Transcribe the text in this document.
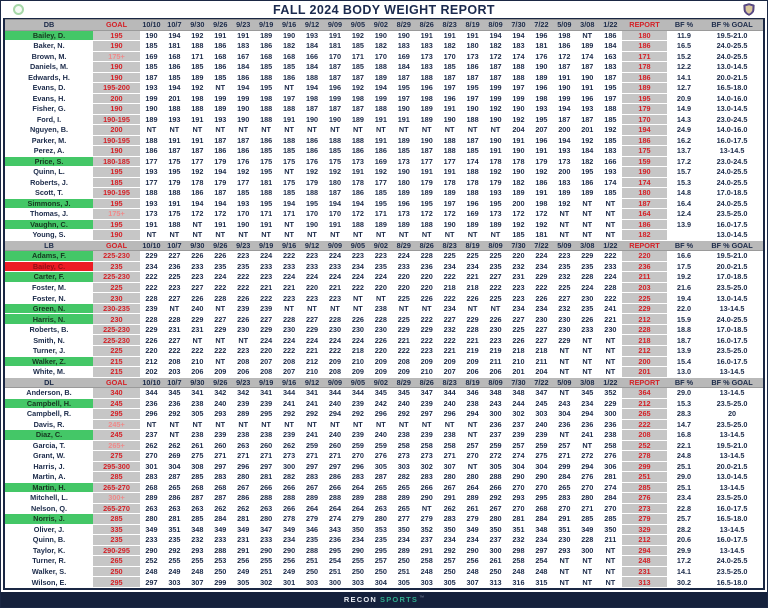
FALL 2024 BODY WEIGHT REPORT
DB	GOAL	10/10	10/7	9/30	9/26	9/23	9/19	9/16	9/12	9/09	9/05	9/02	8/29	8/26	8/23	8/19	8/09	7/30	7/22	5/09	3/08	1/22	REPORT	BF %	BF % GOAL
Bailey, D.	195	190	194	192	191	191	189	190	193	191	192	190	190	191	191	191	194	194	196	198	NT	186	180	11.9	19.5-21.0
Baker, N.	190	185	181	188	186	183	186	182	184	181	185	182	183	183	182	180	182	183	181	186	189	184	186	16.5	24.0-25.5
Brown, M.	175+	169	168	171	168	167	168	168	166	170	171	170	169	173	170	173	172	174	176	172	174	163	171	15.2	24.0-25.5
Daniels, M.	190	185	186	185	186	184	185	185	184	187	185	188	184	183	185	186	187	188	190	187	187	183	178	12.2	13.0-14.5
Edwards, H.	190	187	185	189	185	186	188	186	188	187	187	189	187	188	187	187	187	188	189	191	190	187	186	14.1	20.0-21.5
Evans, D.	195-200	193	194	192	NT	194	195	NT	194	196	192	194	195	196	197	195	199	197	196	190	191	195	189	12.7	16.5-18.0
Evans, H.	200	199	201	198	199	199	198	197	198	199	198	199	197	198	196	197	199	199	198	199	196	197	195	20.9	14.0-16.0
Fisher, G.	190	190	188	188	189	190	188	188	187	187	187	188	190	189	191	190	192	190	193	194	193	188	179	14.9	13.0-14.5
Ford, I.	190-195	189	193	191	193	190	188	191	190	190	189	191	191	189	190	188	190	192	195	187	187	185	170	14.3	23.0-24.5
Nguyen, B.	200	NT	NT	NT	NT	NT	NT	NT	NT	NT	NT	NT	NT	NT	NT	NT	NT	204	207	200	201	192	194	24.9	14.0-16.0
Parker, M.	190-195	188	191	191	187	187	186	188	186	188	188	191	189	190	188	187	190	191	196	194	192	185	186	16.2	16.0-17.5
Perez, A.	190	186	187	187	186	186	185	185	186	185	186	186	185	187	188	185	191	190	191	193	184	183	175	13.7	13-14.5
Price, S.	180-185	177	175	177	179	176	175	175	176	175	173	169	173	177	177	174	178	178	179	173	182	166	159	17.2	23.0-24.5
Quinn, L.	195	193	195	192	194	192	195	NT	192	192	191	192	190	191	191	188	192	190	192	200	195	193	190	15.7	24.0-25.5
Roberts, J.	185	177	179	178	179	177	181	175	179	180	178	177	180	179	178	178	179	182	186	183	186	174	174	15.3	24.0-25.5
Scott, T.	190-195	188	188	186	187	185	188	185	188	187	186	185	189	189	189	188	193	189	191	189	189	185	180	14.8	17.0-18.5
Simmons, J.	195	193	191	194	194	193	195	194	195	194	194	195	196	195	197	196	195	200	198	192	NT	NT	187	16.4	24.0-25.5
Thomas, J.	175+	173	175	172	172	170	171	171	170	170	172	171	173	172	172	169	173	172	172	NT	NT	NT	164	12.4	23.5-25.0
Vaughn, C.	195	191	188	NT	191	190	191	NT	190	191	188	189	189	188	190	189	189	192	192	NT	NT	NT	186	13.9	16.0-17.5
Young, S.	190	NT	NT	NT	NT	NT	NT	NT	NT	NT	NT	NT	NT	NT	NT	NT	NT	185	181	NT	NT	NT	182		13.0-14.5
LB	GOAL	10/10	10/7	9/30	9/26	9/23	9/19	9/16	9/12	9/09	9/05	9/02	8/29	8/26	8/23	8/19	8/09	7/30	7/22	5/09	3/08	1/22	REPORT	BF %	BF % GOAL
Adams, F.	225-230	229	227	226	226	223	224	222	223	224	223	223	224	228	225	225	225	220	224	223	229	222	220	16.6	19.5-21.0
Bailey, C.	235	234	236	233	235	235	233	233	233	233	234	235	233	236	234	234	235	232	234	235	235	233	236	17.5	20.0-21.5
Carter, F.	225-230	222	225	223	224	222	223	224	224	224	224	224	220	220	222	221	227	231	229	232	228	224	211	19.2	17.0-18.5
Foster, M.	225	222	223	227	222	222	221	221	220	221	222	220	220	220	218	218	222	223	222	225	224	228	203	21.6	23.5-25.0
Foster, N.	230	228	227	226	228	226	222	223	223	223	NT	NT	225	226	222	226	225	223	226	227	230	222	225	19.4	13.0-14.5
Green, N.	230-235	239	NT	240	NT	239	239	NT	NT	NT	NT	238	NT	NT	234	NT	NT	234	234	232	235	241	229	22.0	13-14.5
Harris, N.	230	228	228	229	227	226	227	228	227	228	226	228	225	222	227	229	226	227	230	230	226	221	212	15.9	24.0-25.5
Roberts, B.	225-230	229	231	231	229	230	229	230	229	230	230	230	229	229	232	228	230	225	227	230	233	230	228	18.8	17.0-18.5
Smith, N.	225-230	226	227	NT	NT	NT	224	224	224	224	224	226	221	222	222	221	223	226	227	229	NT	NT	218	18.7	16.0-17.5
Turner, J.	225	220	222	222	222	223	220	222	221	222	218	220	222	223	221	219	219	218	218	NT	NT	NT	212	13.9	23.5-25.0
Walker, Z.	215	212	208	210	NT	208	207	208	212	209	210	209	208	209	209	209	211	210	211	NT	NT	NT	200	15.4	16.0-17.5
White, M.	215	202	203	206	209	206	208	207	210	208	209	209	209	210	207	206	206	201	204	NT	NT	NT	201	13.0	13-14.5
DL	GOAL	10/10	10/7	9/30	9/26	9/23	9/19	9/16	9/12	9/09	9/05	9/02	8/29	8/26	8/23	8/19	8/09	7/30	7/22	5/09	3/08	1/22	REPORT	BF %	BF % GOAL
Anderson, B.	340	344	345	341	342	342	341	344	341	344	344	345	345	347	344	346	348	348	347	NT	345	352	364	29.0	13-14.5
Campbell, H.	245	236	236	238	240	239	239	241	241	240	239	242	240	239	240	238	243	244	245	243	234	229	212	15.3	23.5-25.0
Campbell, R.	295	296	292	305	293	289	295	292	292	294	292	296	292	297	296	294	300	302	303	304	294	300	265	28.3	20
Davis, R.	245+	NT	NT	NT	NT	NT	NT	NT	NT	NT	NT	NT	NT	NT	NT	NT	236	237	240	236	236	236	222	14.7	23.5-25.0
Diaz, C.	245	237	NT	238	239	238	238	239	241	240	239	240	238	239	238	NT	237	239	239	NT	241	238	208	16.8	13-14.5
Garcia, T.	265+	262	262	261	260	263	260	262	259	260	259	259	258	258	258	257	259	257	259	257	NT	258	252	22.1	19.5-21.0
Grant, W.	275	270	269	275	271	271	271	273	271	271	270	276	273	273	271	270	272	274	275	271	272	276	278	24.8	13-14.5
Harris, J.	295-300	301	304	308	297	296	297	300	297	297	296	305	303	302	307	NT	305	304	304	299	294	306	299	25.1	20.0-21.5
Martin, A.	285	283	287	285	283	280	281	282	283	286	283	287	282	283	280	280	288	290	290	284	276	281	251	29.0	13.0-14.5
Martin, H.	265-270	268	265	268	268	267	266	266	267	266	264	265	265	266	267	264	266	270	270	265	270	274	285	25.1	13-14.5
Mitchell, L.	300+	289	286	287	287	286	288	288	289	288	289	288	289	290	291	289	292	293	295	283	280	284	276	23.4	23.5-25.0
Nelson, Q.	265-270	263	263	263	262	262	263	266	264	264	264	263	265	NT	262	261	267	270	268	270	271	270	273	22.8	16.0-17.5
Norris, J.	285	280	281	285	284	281	280	278	279	274	279	280	277	279	283	279	280	281	284	291	285	285	279	25.7	16.5-18.0
Oliver, J.	335	349	351	348	349	349	347	349	346	343	350	353	350	352	350	349	350	351	348	351	349	350	329	28.2	13-14.5
Quinn, B.	235	233	235	232	233	231	233	234	235	236	234	235	234	237	234	234	237	232	234	230	228	211	212	20.6	16.0-17.5
Taylor, K.	290-295	290	292	293	288	291	290	290	288	295	290	295	289	291	292	290	300	298	297	293	300	NT	294	29.9	13-14.5
Turner, R.	265	252	255	255	253	256	255	256	251	254	255	257	250	258	257	256	261	258	254	NT	NT	NT	248	17.2	24.0-25.5
Walker, S.	250	248	249	248	250	249	251	249	250	251	250	250	251	248	250	248	250	248	248	NT	NT	NT	231	14.1	23.5-25.0
Wilson, E.	295	297	303	307	299	305	302	301	303	300	303	304	305	303	305	307	313	316	315	NT	NT	NT	313	30.2	16.5-18.0
RECON SPORTS ™
